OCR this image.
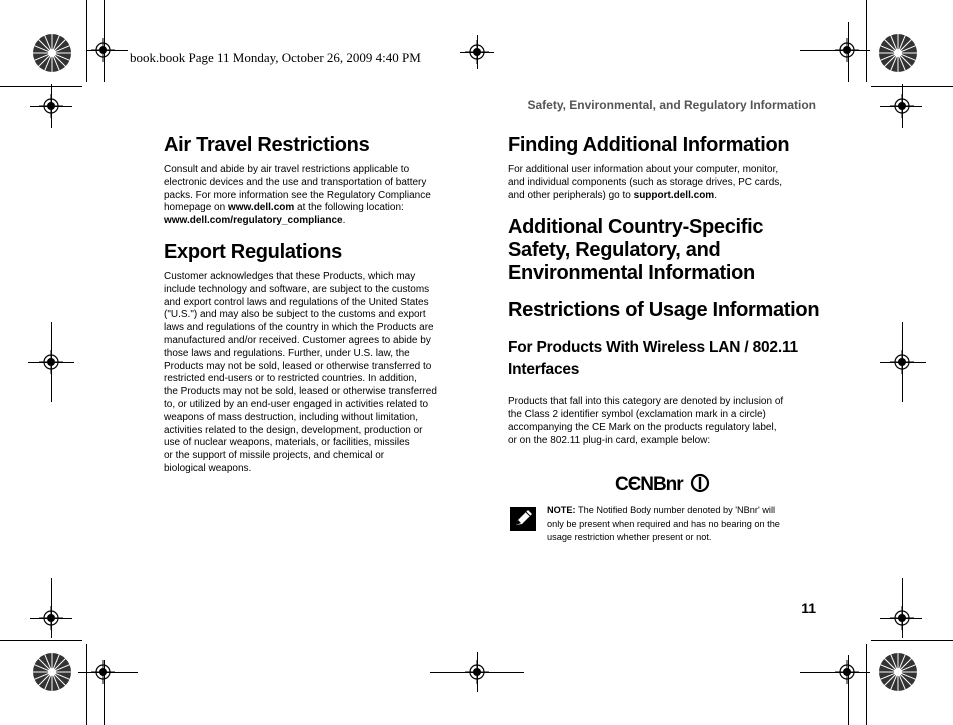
book.book Page 11 Monday, October 26, 2009 4:40 PM
Safety, Environmental, and Regulatory Information
Air Travel Restrictions
Consult and abide by air travel restrictions applicable to
electronic devices and the use and transportation of battery
packs. For more information see the Regulatory Compliance
homepage on www.dell.com at the following location:
www.dell.com/regulatory_compliance.
Export Regulations
Customer acknowledges that these Products, which may
include technology and software, are subject to the customs
and export control laws and regulations of the United States
("U.S.") and may also be subject to the customs and export
laws and regulations of the country in which the Products are
manufactured and/or received. Customer agrees to abide by
those laws and regulations. Further, under U.S. law, the
Products may not be sold, leased or otherwise transferred to
restricted end-users or to restricted countries. In addition,
the Products may not be sold, leased or otherwise transferred
to, or utilized by an end-user engaged in activities related to
weapons of mass destruction, including without limitation,
activities related to the design, development, production or
use of nuclear weapons, materials, or facilities, missiles
or the support of missile projects, and chemical or
biological weapons.
Finding Additional Information
For additional user information about your computer, monitor,
and individual components (such as storage drives, PC cards,
and other peripherals) go to support.dell.com.
Additional Country-Specific
Safety, Regulatory, and
Environmental Information
Restrictions of Usage Information
For Products With Wireless LAN / 802.11
Interfaces
Products that fall into this category are denoted by inclusion of
the Class 2 identifier symbol (exclamation mark in a circle)
accompanying the CE Mark on the products regulatory label,
or on the 802.11 plug-in card, example below:
CЄNBnr
NOTE: The Notified Body number denoted by 'NBnr' will
only be present when required and has no bearing on the
usage restriction whether present or not.
11
